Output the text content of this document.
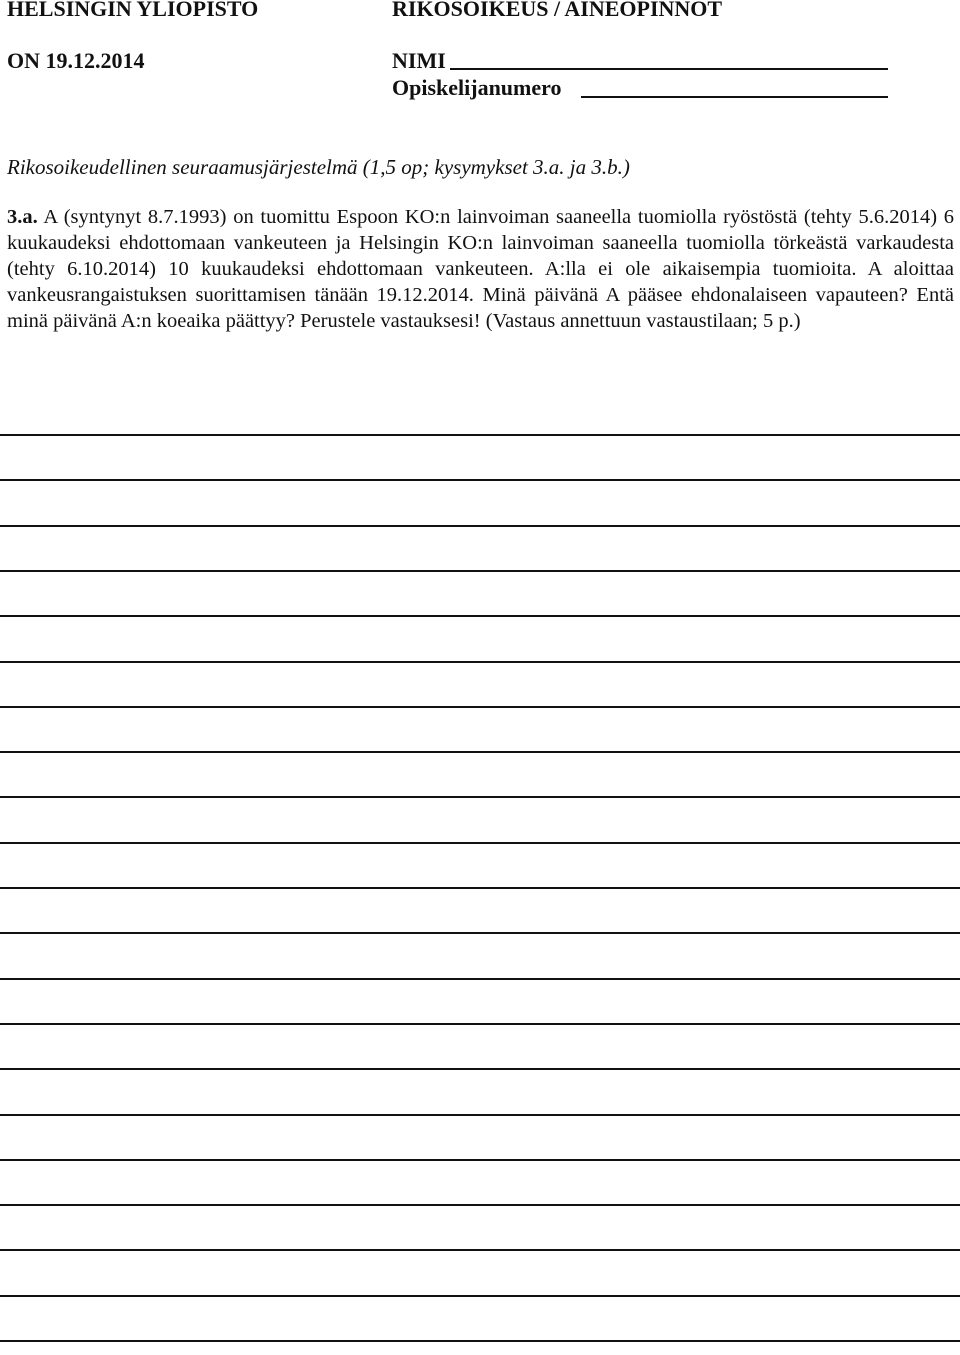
HELSINGIN YLIOPISTO	RIKOSOIKEUS / AINEOPINNOT
ON 19.12.2014	NIMI
Opiskelijanumero
Rikosoikeudellinen seuraamusjärjestelmä (1,5 op; kysymykset 3.a. ja 3.b.)

3.a. A (syntynyt 8.7.1993) on tuomittu Espoon KO:n lainvoiman saaneella tuomiolla ryöstöstä (tehty 5.6.2014) 6 kuukaudeksi ehdottomaan vankeuteen ja Helsingin KO:n lainvoiman saaneella tuomiolla törkeästä varkaudesta (tehty 6.10.2014) 10 kuukaudeksi ehdottomaan vankeuteen. A:lla ei ole aikaisempia tuomioita. A aloittaa vankeusrangaistuksen suorittamisen tänään 19.12.2014. Minä päivänä A pääsee ehdonalaiseen vapauteen? Entä minä päivänä A:n koeaika päättyy? Perustele vastauksesi! (Vastaus annettuun vastaustilaan; 5 p.)
